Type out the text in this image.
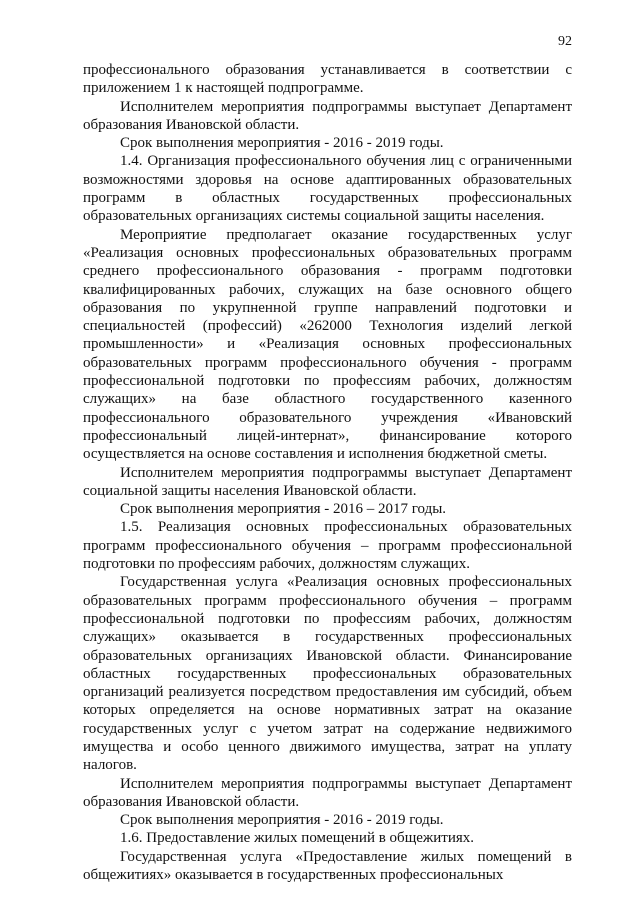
92

профессионального образования устанавливается в соответствии с приложением 1 к настоящей подпрограмме.

Исполнителем мероприятия подпрограммы выступает Департамент образования Ивановской области.

Срок выполнения мероприятия - 2016 - 2019 годы.

1.4. Организация профессионального обучения лиц с ограниченными возможностями здоровья на основе адаптированных образовательных программ в областных государственных профессиональных образовательных организациях системы социальной защиты населения.

Мероприятие предполагает оказание государственных услуг «Реализация основных профессиональных образовательных программ среднего профессионального образования - программ подготовки квалифицированных рабочих, служащих на базе основного общего образования по укрупненной группе направлений подготовки и специальностей (профессий) «262000 Технология изделий легкой промышленности» и «Реализация основных профессиональных образовательных программ профессионального обучения - программ профессиональной подготовки по профессиям рабочих, должностям служащих» на базе областного государственного казенного профессионального образовательного учреждения «Ивановский профессиональный лицей-интернат», финансирование которого осуществляется на основе составления и исполнения бюджетной сметы.

Исполнителем мероприятия подпрограммы выступает Департамент социальной защиты населения Ивановской области.

Срок выполнения мероприятия - 2016 – 2017 годы.

1.5. Реализация основных профессиональных образовательных программ профессионального обучения – программ профессиональной подготовки по профессиям рабочих, должностям служащих.

Государственная услуга «Реализация основных профессиональных образовательных программ профессионального обучения – программ профессиональной подготовки по профессиям рабочих, должностям служащих» оказывается в государственных профессиональных образовательных организациях Ивановской области. Финансирование областных государственных профессиональных образовательных организаций реализуется посредством предоставления им субсидий, объем которых определяется на основе нормативных затрат на оказание государственных услуг с учетом затрат на содержание недвижимого имущества и особо ценного движимого имущества, затрат на уплату налогов.

Исполнителем мероприятия подпрограммы выступает Департамент образования Ивановской области.

Срок выполнения мероприятия - 2016 - 2019 годы.

1.6. Предоставление жилых помещений в общежитиях.

Государственная услуга «Предоставление жилых помещений в общежитиях» оказывается в государственных профессиональных
